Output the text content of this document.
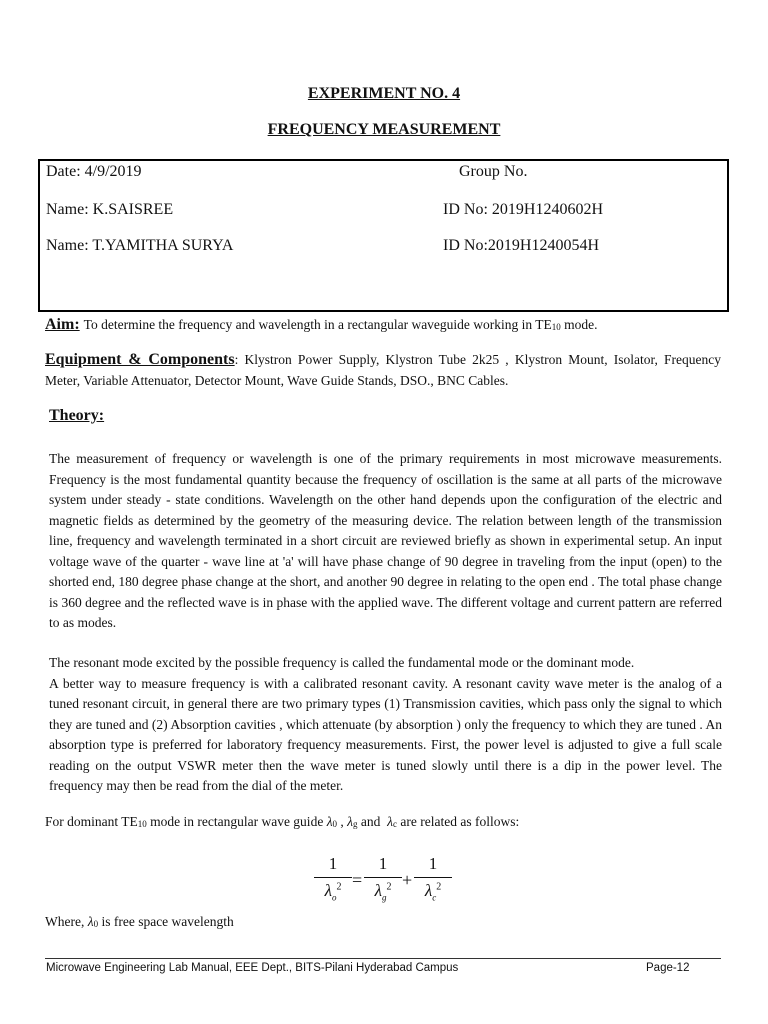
EXPERIMENT NO. 4
FREQUENCY MEASUREMENT
Date: 4/9/2019	Group No.
Name: K.SAISREE	ID No: 2019H1240602H
Name: T.YAMITHA SURYA	ID No:2019H1240054H
Aim: To determine the frequency and wavelength in a rectangular waveguide working in $TE_{10}$ mode.
Equipment & Components: Klystron Power Supply, Klystron Tube 2k25 , Klystron Mount, Isolator, Frequency Meter, Variable Attenuator, Detector Mount, Wave Guide Stands, DSO., BNC Cables.
Theory:

The measurement of frequency or wavelength is one of the primary requirements in most microwave measurements. Frequency is the most fundamental quantity because the frequency of oscillation is the same at all parts of the microwave system under steady - state conditions. Wavelength on the other hand depends upon the configuration of the electric and magnetic fields as determined by the geometry of the measuring device. The relation between length of the transmission line, frequency and wavelength terminated in a short circuit are reviewed briefly as shown in experimental setup. An input voltage wave of the quarter - wave line at 'a' will have phase change of 90 degree in traveling from the input (open) to the shorted end, 180 degree phase change at the short, and another 90 degree in relating to the open end . The total phase change is 360 degree and the reflected wave is in phase with the applied wave. The different voltage and current pattern are referred to as modes.

The resonant mode excited by the possible frequency is called the fundamental mode or the dominant mode.

A better way to measure frequency is with a calibrated resonant cavity. A resonant cavity wave meter is the analog of a tuned resonant circuit, in general there are two primary types (1) Transmission cavities, which pass only the signal to which they are tuned and (2) Absorption cavities , which attenuate (by absorption ) only the frequency to which they are tuned . An absorption type is preferred for laboratory frequency measurements. First, the power level is adjusted to give a full scale reading on the output VSWR meter then the wave meter is tuned slowly until there is a dip in the power level. The frequency may then be read from the dial of the meter.

For dominant $TE_{10}$ mode in rectangular wave guide $\lambda_0$ , $\lambda_g$ and  $\lambda_c$ are related as follows:
1
$\lambda_o^2$ =
1
$\lambda_g^2$ +
1
$\lambda_c^2$
Where, $\lambda_0$ is free space wavelength
Microwave Engineering Lab Manual, EEE Dept., BITS-Pilani Hyderabad Campus	Page-12
